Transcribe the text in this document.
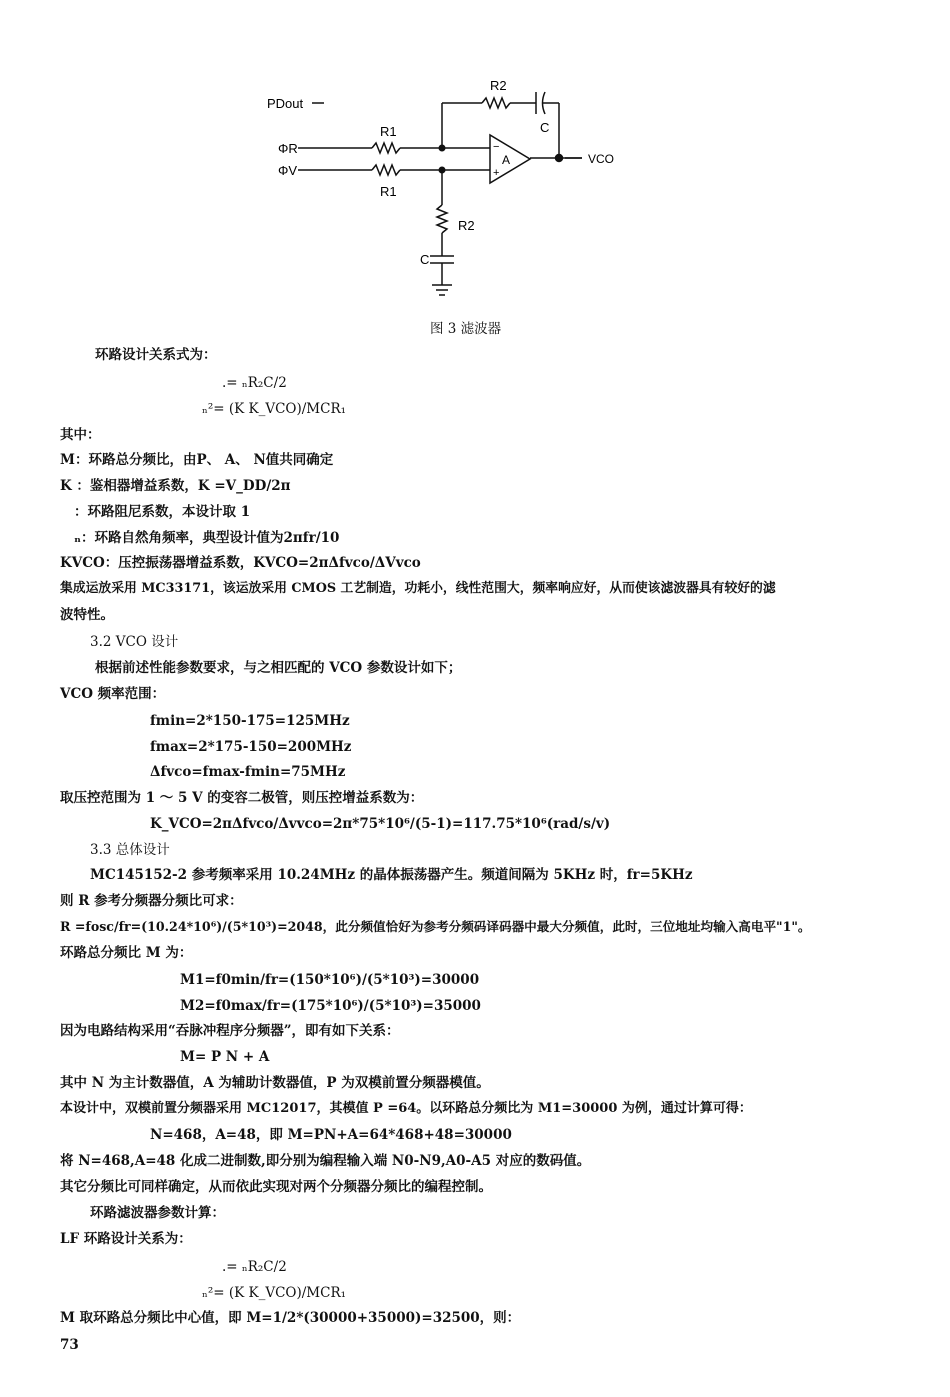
PDout
ΦR
ΦV
R1
R1
R2
C
A
−
+
VCO
R2
C
图 3 滤波器
环路设计关系式为：
.= ₙR₂C/2
ₙ²= (K K_VCO)/MCR₁
其中：
M：环路总分频比，由P、 A、 N值共同确定
K ：鉴相器增益系数，K =V_DD/2π
：环路阻尼系数，本设计取 1
ₙ：环路自然角频率，典型设计值为2πfr/10
KVCO：压控振荡器增益系数，KVCO=2πΔfvco/ΔVvco
集成运放采用 MC33171，该运放采用 CMOS 工艺制造，功耗小，线性范围大，频率响应好，从而使该滤波器具有较好的滤
波特性。
3.2 VCO 设计
根据前述性能参数要求，与之相匹配的 VCO 参数设计如下；
VCO 频率范围：
fmin=2*150-175=125MHz
fmax=2*175-150=200MHz
Δfvco=fmax-fmin=75MHz
取压控范围为 1 ～ 5 V 的变容二极管，则压控增益系数为：
K_VCO=2πΔfvco/Δvvco=2π*75*10⁶/(5-1)=117.75*10⁶(rad/s/v)
3.3 总体设计
MC145152-2 参考频率采用 10.24MHz 的晶体振荡器产生。频道间隔为 5KHz 时，fr=5KHz
则 R 参考分频器分频比可求：
R =fosc/fr=(10.24*10⁶)/(5*10³)=2048，此分频值恰好为参考分频码译码器中最大分频值，此时，三位地址均输入高电平"1"。
环路总分频比 M 为：
M1=f0min/fr=(150*10⁶)/(5*10³)=30000
M2=f0max/fr=(175*10⁶)/(5*10³)=35000
因为电路结构采用“吞脉冲程序分频器”，即有如下关系：
M= P N + A
其中 N 为主计数器值，A 为辅助计数器值，P 为双模前置分频器模值。
本设计中，双模前置分频器采用 MC12017，其模值 P =64。以环路总分频比为 M1=30000 为例，通过计算可得：
N=468，A=48，即 M=PN+A=64*468+48=30000
将 N=468,A=48 化成二进制数,即分别为编程输入端 N0-N9,A0-A5 对应的数码值。
其它分频比可同样确定，从而依此实现对两个分频器分频比的编程控制。
环路滤波器参数计算：
LF 环路设计关系为：
.= ₙR₂C/2
ₙ²= (K K_VCO)/MCR₁
M 取环路总分频比中心值，即 M=1/2*(30000+35000)=32500，则：
73
